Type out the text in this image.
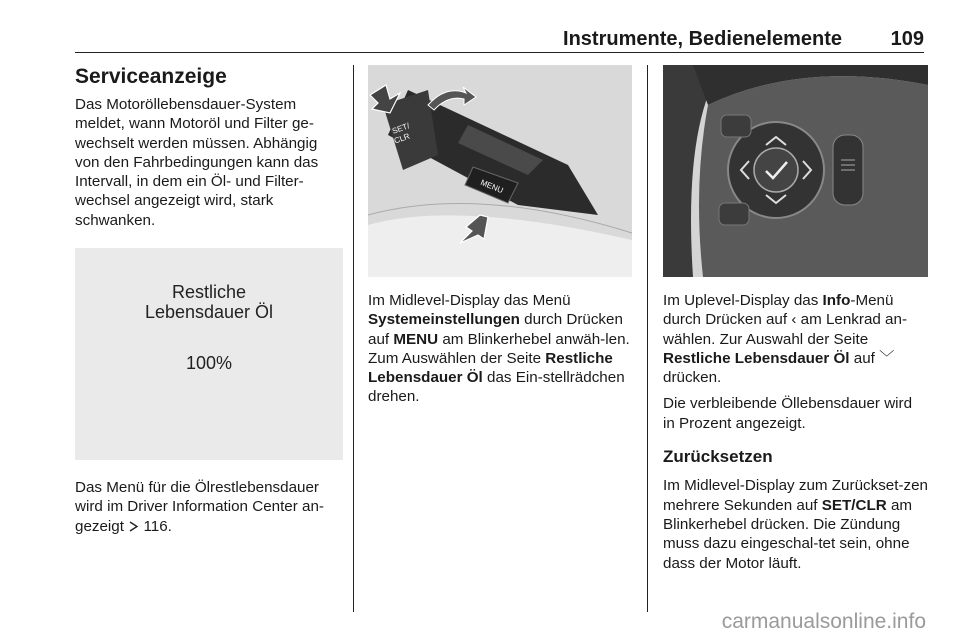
Instrumente, Bedienelemente 109
Serviceanzeige

Das Motoröllebensdauer-System meldet, wann Motoröl und Filter ge-wechselt werden müssen. Abhängig von den Fahrbedingungen kann das Intervall, in dem ein Öl- und Filter-wechsel angezeigt wird, stark schwanken.

Restliche
Lebensdauer Öl
100%

Das Menü für die Ölrestlebensdauer wird im Driver Information Center an-gezeigt 116.

SET/
CLR
MENU

Im Midlevel-Display das Menü Systemeinstellungen durch Drücken auf MENU am Blinkerhebel anwäh-len. Zum Auswählen der Seite Restliche Lebensdauer Öl das Ein-stellrädchen drehen.

Im Uplevel-Display das Info-Menü durch Drücken auf ‹ am Lenkrad an-wählen. Zur Auswahl der Seite Restliche Lebensdauer Öl auf ﹀ drücken.

Die verbleibende Öllebensdauer wird in Prozent angezeigt.

Zurücksetzen

Im Midlevel-Display zum Zurückset-zen mehrere Sekunden auf SET/CLR am Blinkerhebel drücken. Die Zündung muss dazu eingeschal-tet sein, ohne dass der Motor läuft.

carmanualsonline.info
